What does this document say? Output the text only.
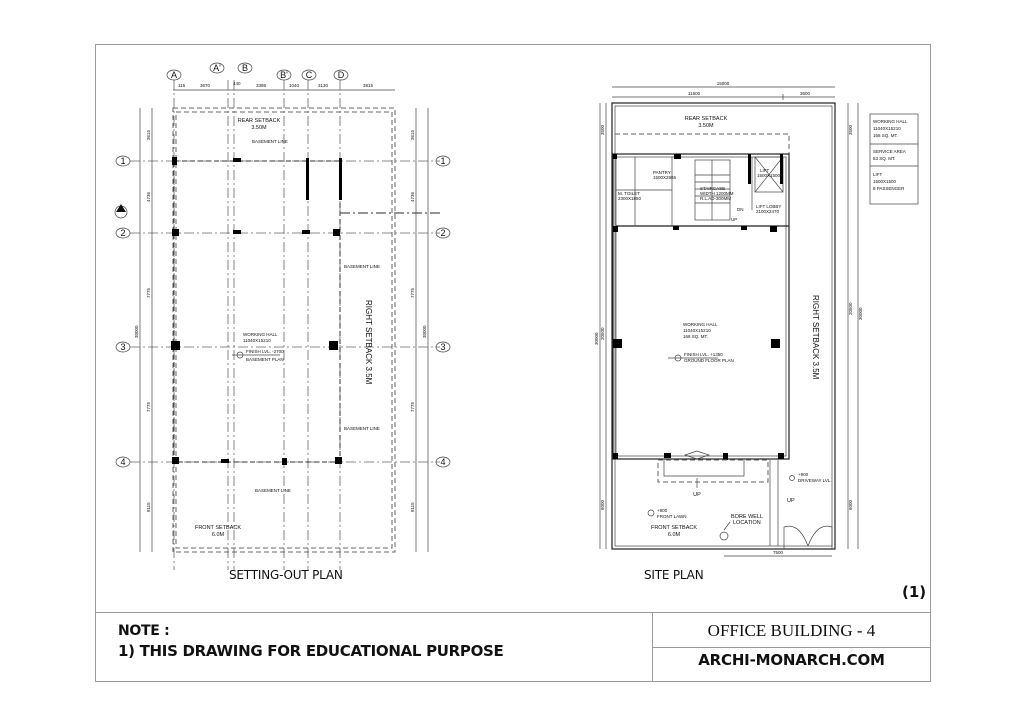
A
A' B
B' C	D
115	3670	440	3398	1040	3130	3815
1
2
3
4
1
2
3
4
3615
4736
7775
7775
8115
30000
3615
4736
7775
7775
8115
30000
A
REAR SETBACK
3.50M
BASEMENT LINE
BASEMENT LINE
BASEMENT LINE
BASEMENT LINE
WORKING HALL
11040X15210
FINISH LVL. -2700
BASEMENT PLAN	RIGHT SETBACK 3.5M
FRONT SETBACK
6.0M
15000
11600	3600
3500
20500
30000
6000
3500
20500 30000
6000
REAR SETBACK
3.50M
UP
UP
+900
DRIVEWAY LVL.
7500
BORE WELL
LOCATION
+900
FRONT LAWN
FRONT SETBACK
6.0M
PANTRY
1500X2865
M. TOILET
2300X1850
STAIRCASE
WIDTH 1200MM
R.L.AD-300MM
LIFT
1500X1500
LIFT LOBBY
2100X2470
DN
UP
WORKING HALL
11040X15210
168 SQ. MT.
FINISH LVL. +1350
GROUND FLOOR PLAN	RIGHT SETBACK 3.5M
WORKING HALL
11040X15210
168 SQ. MT.
SERVICE AREA
53 SQ. MT.
LIFT
1500X1500
8 PASSENGER
SETTING-OUT PLAN	SITE PLAN
(1)
NOTE :
1) THIS DRAWING FOR EDUCATIONAL PURPOSE
OFFICE BUILDING - 4
ARCHI-MONARCH.COM
